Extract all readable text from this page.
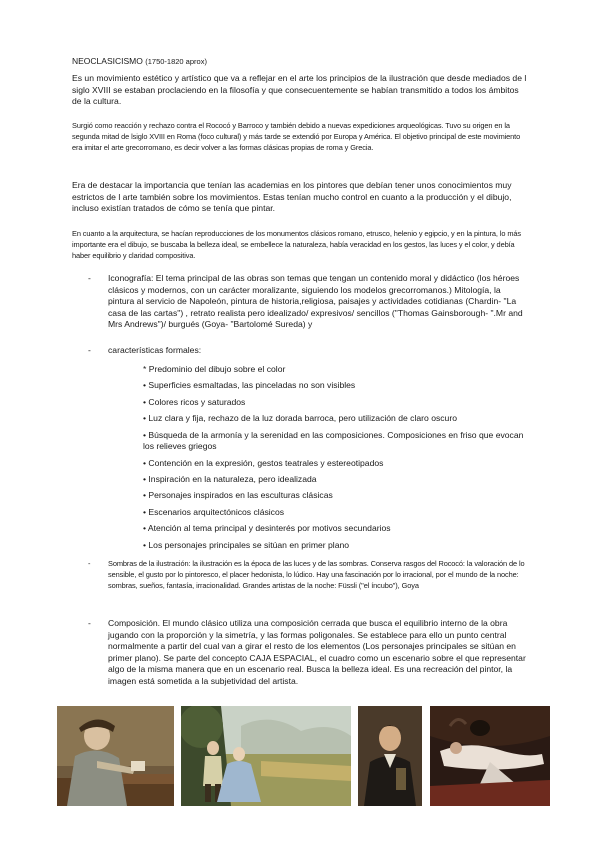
NEOCLASICISMO (1750-1820 aprox)

Es un movimiento estético y artístico que va a reflejar en el arte los principios de la ilustración que desde mediados de l siglo XVIII se estaban proclaciendo en la filosofía y que consecuentemente se habían transmitido a todos los ámbitos de la cultura.

Surgió como reacción y rechazo contra el Rococó y Barroco y también debido a nuevas expediciones arqueológicas. Tuvo su origen en la segunda mitad de lsiglo XVIII en Roma (foco cultural) y más tarde se extendió por Europa y América. El objetivo principal de este movimiento era imitar el arte grecorromano, es decir volver a las formas clásicas propias de roma y Grecia.

Era de destacar la importancia que tenían las academias en los pintores que debían tener unos conocimientos muy estrictos de l arte también sobre los movimientos. Estas tenían mucho control en cuanto a la producción y el dibujo, incluso existían tratados de cómo se tenía que pintar.

En cuanto a la arquitectura, se hacían reproducciones de los monumentos clásicos romano, etrusco, helenio y egipcio, y en la pintura, lo más importante era el dibujo, se buscaba la belleza ideal, se embellece la naturaleza, había veracidad en los gestos, las luces y el color, y debía haber equilibrio y claridad compositiva.

- Iconografía: El tema principal de las obras son temas que tengan un contenido moral y didáctico (los héroes clásicos y modernos, con un carácter moralizante, siguiendo los modelos grecorromanos.) Mitología, la pintura al servicio de Napoleón, pintura de historia,religiosa, paisajes y actividades cotidianas (Chardin- "La casa de las cartas") , retrato realista pero idealizado/ expresivos/ sencillos ("Thomas Gainsborough- ".Mr and Mrs Andrews")/ burgués (Goya- "Bartolomé Sureda) y

- características formales:

* Predominio del dibujo sobre el color
• Superficies esmaltadas, las pinceladas no son visibles
• Colores ricos y saturados
• Luz clara y fija, rechazo de la luz dorada barroca, pero utilización de claro oscuro
• Búsqueda de la armonía y la serenidad en las composiciones. Composiciones en friso que evocan los relieves griegos
• Contención en la expresión, gestos teatrales y estereotipados
• Inspiración en la naturaleza, pero idealizada
• Personajes inspirados en las esculturas clásicas
• Escenarios arquitectónicos clásicos
• Atención al tema principal y desinterés por motivos secundarios
• Los personajes principales se sitúan en primer plano
- Sombras de la ilustración: la ilustración es la época de las luces y de las sombras. Conserva rasgos del Rococó: la valoración de lo sensible, el gusto por lo pintoresco, el placer hedonista, lo lúdico. Hay una fascinación por lo irracional, por el mundo de la noche: sombras, sueños, fantasía, irracionalidad. Grandes artistas de la noche: Füssli ("el íncubo"), Goya

- Composición. El mundo clásico utiliza una composición cerrada que busca el equilibrio interno de la obra jugando con la proporción y la simetría, y las formas poligonales. Se establece para ello un punto central normalmente a partir del cual van a girar el resto de los elementos (Los personajes principales se sitúan en primer plano). Se parte del concepto CAJA ESPACIAL, el cuadro como un escenario sobre el que representar algo de la misma manera que en un escenario real. Busca la belleza ideal. Es una recreación del pintor, la imagen está sometida a la subjetividad del artista.
